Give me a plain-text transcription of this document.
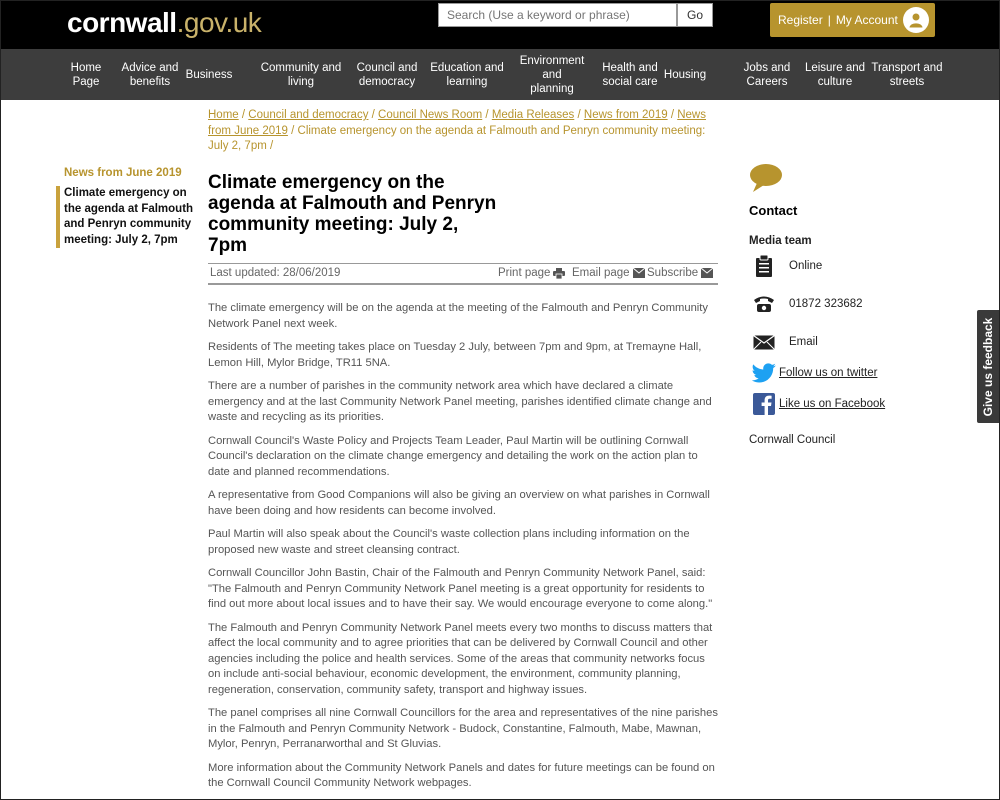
cornwall.gov.uk
Search (Use a keyword or phrase)	Go	Register | My Account
Home
Page
Advice and
benefits
Business
Community and
living
Council and
democracy
Education and
learning
Environment and
planning
Health and
social care
Housing
Jobs and
Careers
Leisure and
culture
Transport and
streets
Home / Council and democracy / Council News Room / Media Releases / News from 2019 / News from June 2019 / Climate emergency on the agenda at Falmouth and Penryn community meeting: July 2, 7pm /
News from June 2019
Climate emergency on the agenda at Falmouth and Penryn community meeting: July 2, 7pm
Climate emergency on the agenda at Falmouth and Penryn community meeting: July 2, 7pm
Last updated: 28/06/2019	Print page Email page Subscribe

The climate emergency will be on the agenda at the meeting of the Falmouth and Penryn Community Network Panel next week.

Residents of The meeting takes place on Tuesday 2 July, between 7pm and 9pm, at Tremayne Hall, Lemon Hill, Mylor Bridge, TR11 5NA.

There are a number of parishes in the community network area which have declared a climate emergency and at the last Community Network Panel meeting, parishes identified climate change and waste and recycling as its priorities.

Cornwall Council's Waste Policy and Projects Team Leader, Paul Martin will be outlining Cornwall Council's declaration on the climate change emergency and detailing the work on the action plan to date and planned recommendations.

A representative from Good Companions will also be giving an overview on what parishes in Cornwall have been doing and how residents can become involved.

Paul Martin will also speak about the Council's waste collection plans including information on the proposed new waste and street cleansing contract.

Cornwall Councillor John Bastin, Chair of the Falmouth and Penryn Community Network Panel, said: "The Falmouth and Penryn Community Network Panel meeting is a great opportunity for residents to find out more about local issues and to have their say. We would encourage everyone to come along."

The Falmouth and Penryn Community Network Panel meets every two months to discuss matters that affect the local community and to agree priorities that can be delivered by Cornwall Council and other agencies including the police and health services. Some of the areas that community networks focus on include anti-social behaviour, economic development, the environment, community planning, regeneration, conservation, community safety, transport and highway issues.

The panel comprises all nine Cornwall Councillors for the area and representatives of the nine parishes in the Falmouth and Penryn Community Network - Budock, Constantine, Falmouth, Mabe, Mawnan, Mylor, Penryn, Perranarworthal and St Gluvias.

More information about the Community Network Panels and dates for future meetings can be found on the Cornwall Council Community Network webpages.

Contact
Media team
Online
01872 323682
Email
Follow us on twitter
Like us on Facebook
Cornwall Council
Give us feedback
